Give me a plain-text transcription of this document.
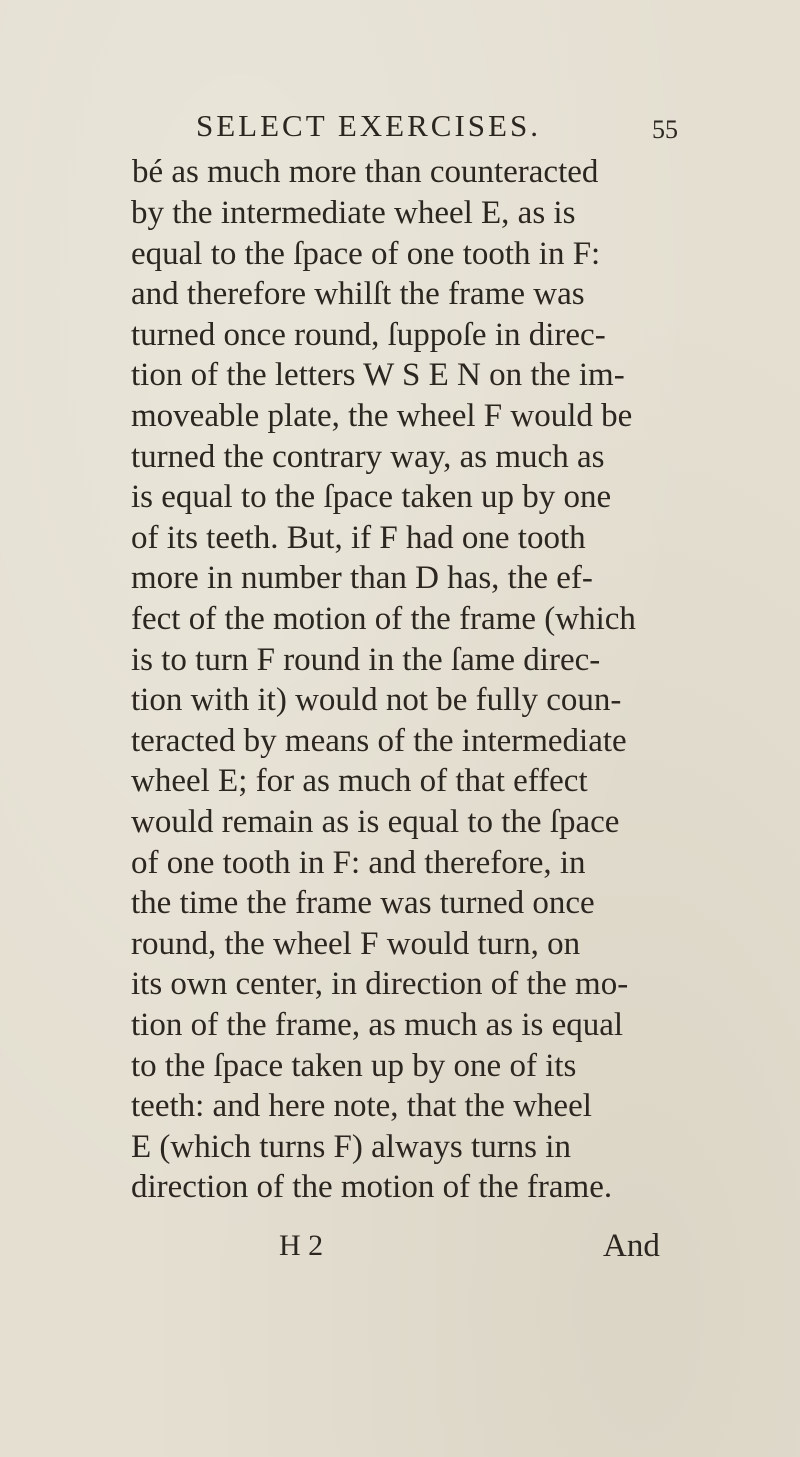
SELECT EXERCISES.	55
bé as much more than counteracted
by the intermediate wheel E, as is
equal to the ſpace of one tooth in F:
and therefore whilſt the frame was
turned once round, ſuppoſe in direc-
tion of the letters W S E N on the im-
moveable plate, the wheel F would be
turned the contrary way, as much as
is equal to the ſpace taken up by one
of its teeth. But, if F had one tooth
more in number than D has, the ef-
fect of the motion of the frame (which
is to turn F round in the ſame direc-
tion with it) would not be fully coun-
teracted by means of the intermediate
wheel E; for as much of that effect
would remain as is equal to the ſpace
of one tooth in F: and therefore, in
the time the frame was turned once
round, the wheel F would turn, on
its own center, in direction of the mo-
tion of the frame, as much as is equal
to the ſpace taken up by one of its
teeth: and here note, that the wheel
E (which turns F) always turns in
direction of the motion of the frame.
H 2	And
